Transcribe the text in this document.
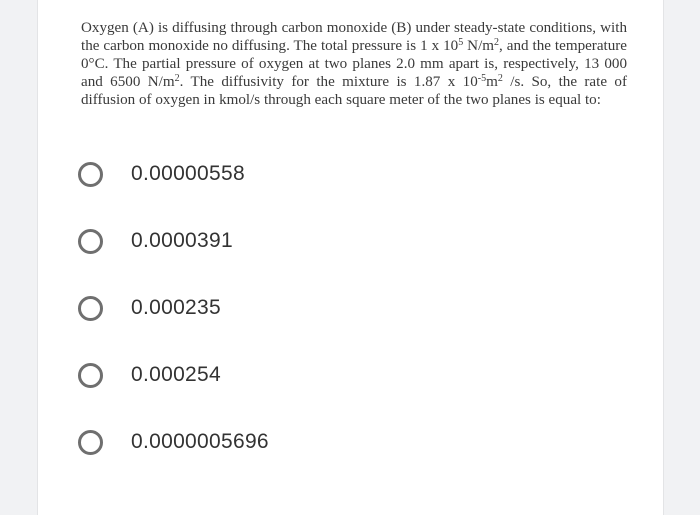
Oxygen (A) is diffusing through carbon monoxide (B) under steady-state conditions, with the carbon monoxide no diffusing. The total pressure is 1 x $10^5$ $N/m^2$, and the temperature 0°C. The partial pressure of oxygen at two planes 2.0 mm apart is, respectively, 13 000 and 6500 $N/m^2$. The diffusivity for the mixture is 1.87 x $10^{-5}m^2$ /s. So, the rate of diffusion of oxygen in kmol/s through each square meter of the two planes is equal to:

0.00000558
0.0000391
0.000235
0.000254
0.0000005696
